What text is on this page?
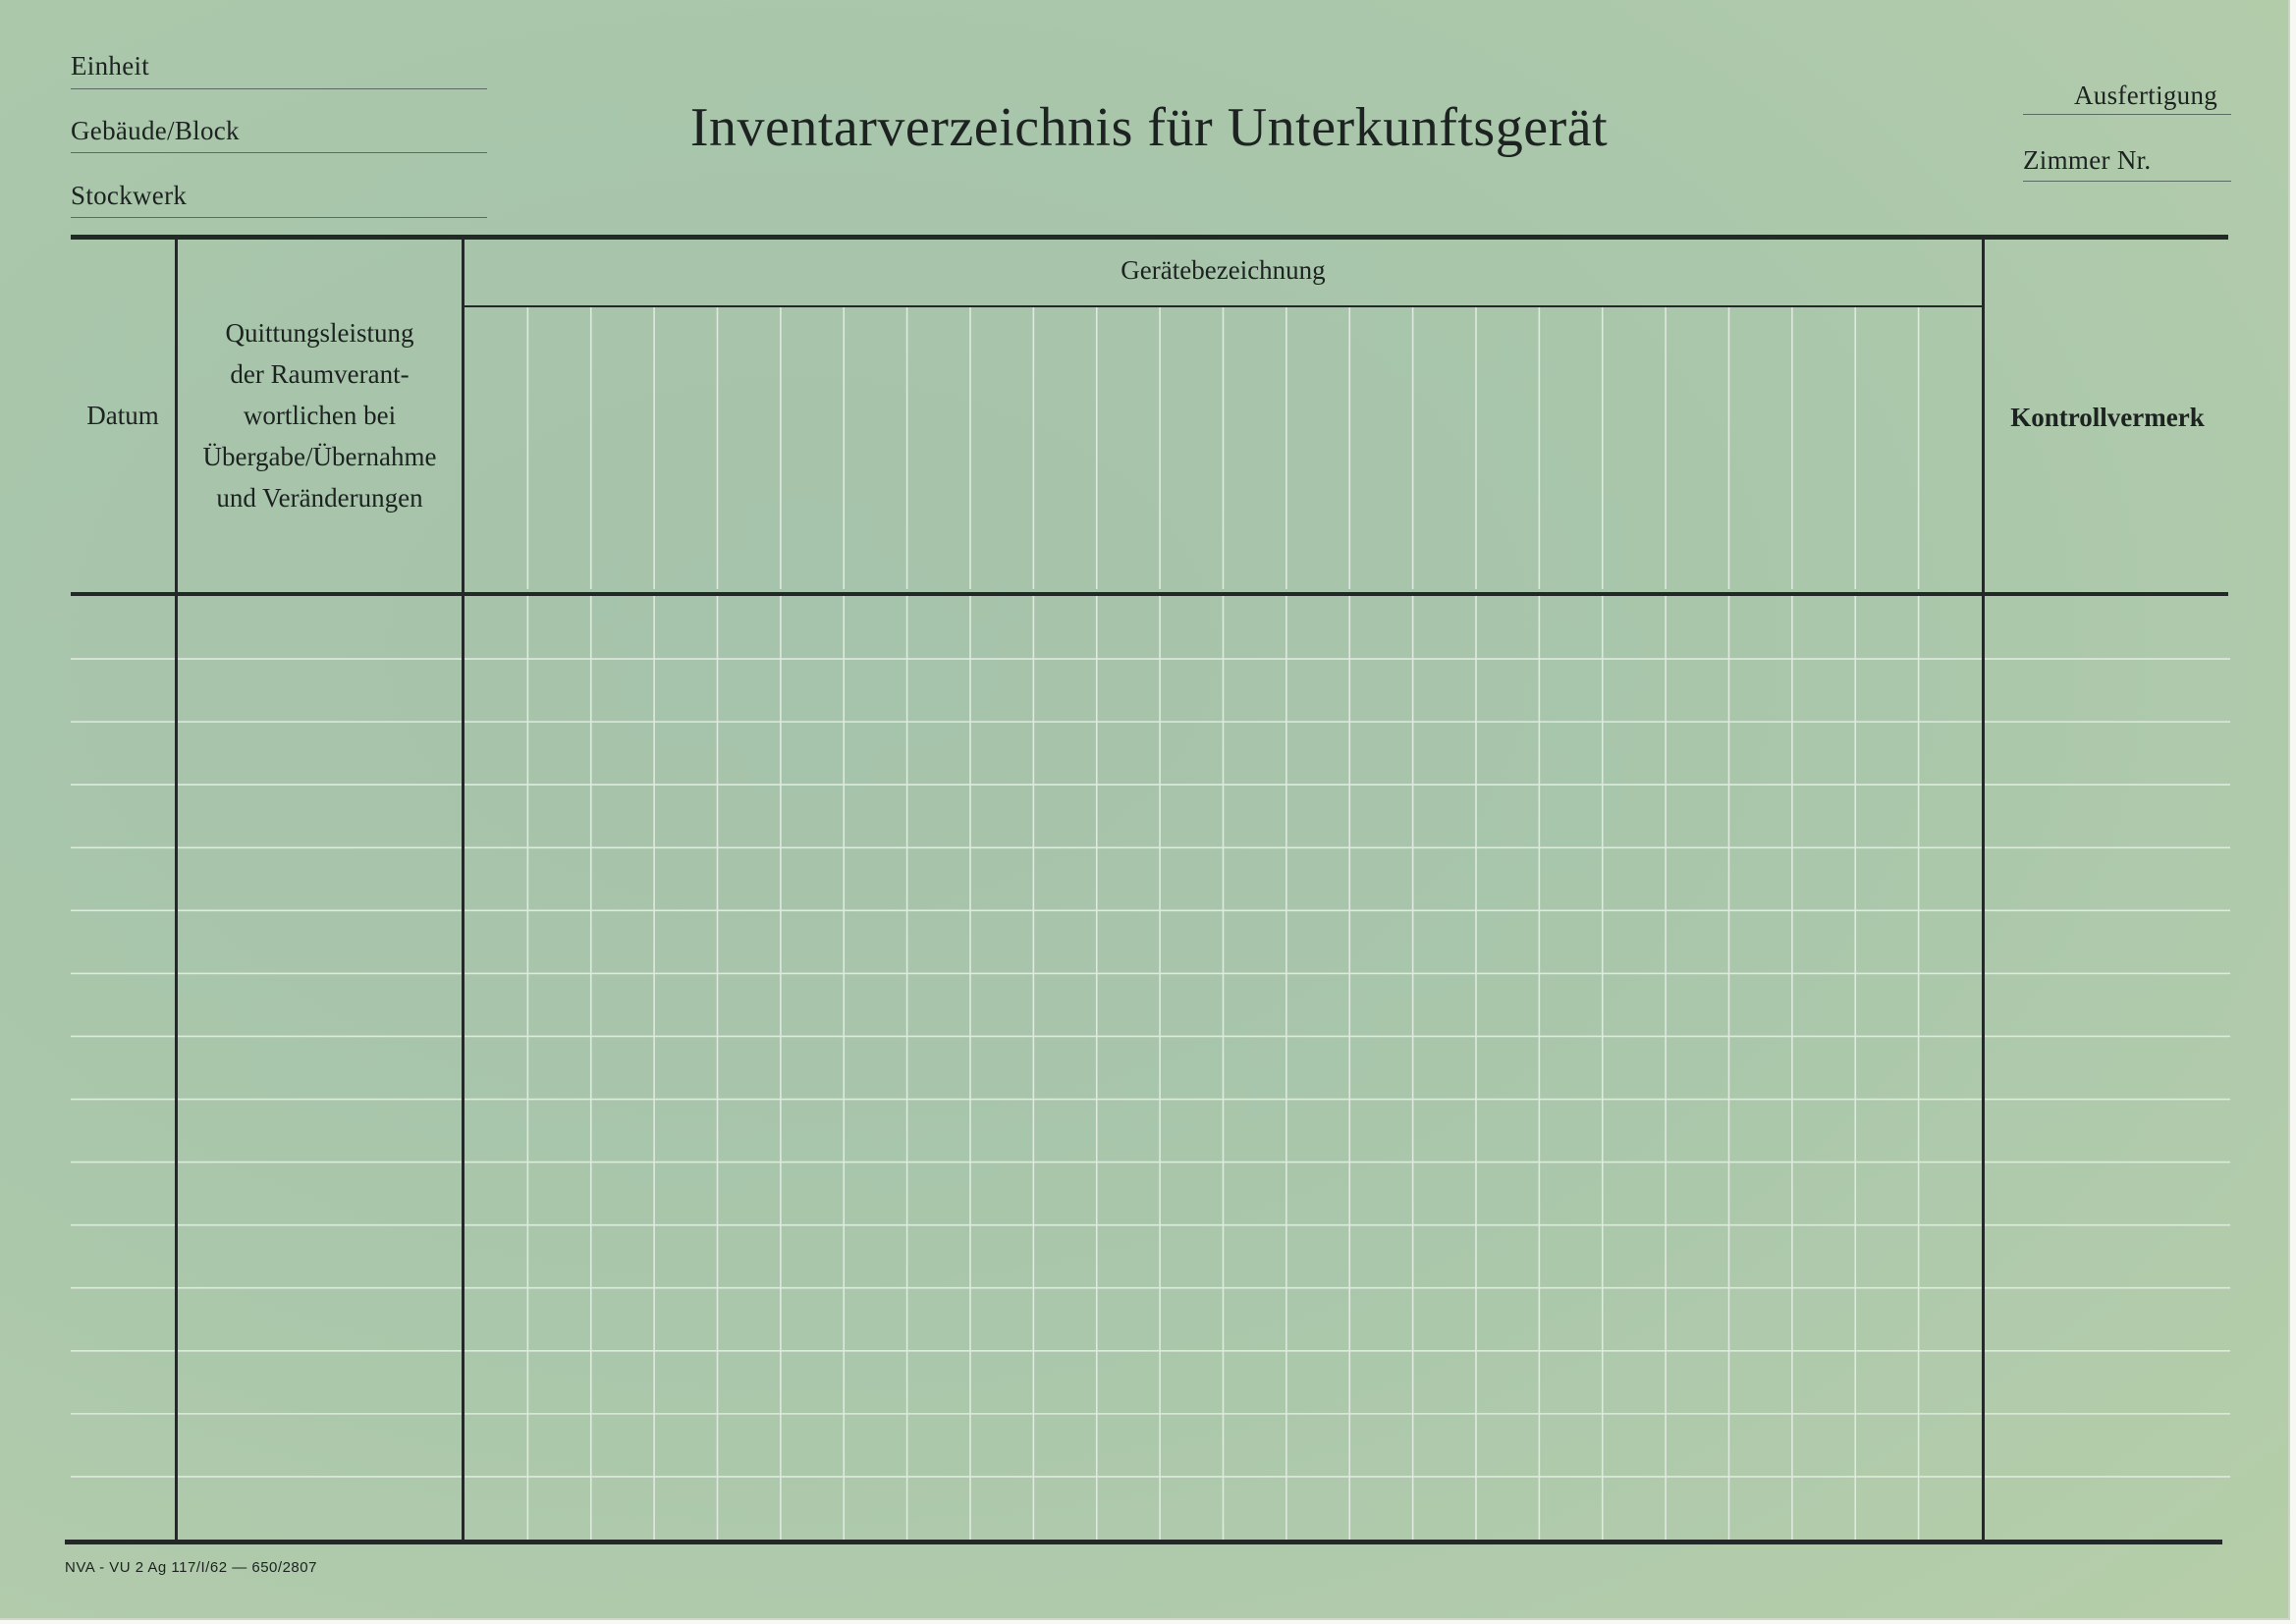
Einheit
Gebäude/Block
Stockwerk
Inventarverzeichnis für Unterkunftsgerät
Ausfertigung
Zimmer Nr.
Datum
Quittungsleistung
der Raumverant-
wortlichen bei
Übergabe/Übernahme
und Veränderungen
Gerätebezeichnung
Kontrollvermerk
NVA - VU 2 Ag 117/I/62 — 650/2807
